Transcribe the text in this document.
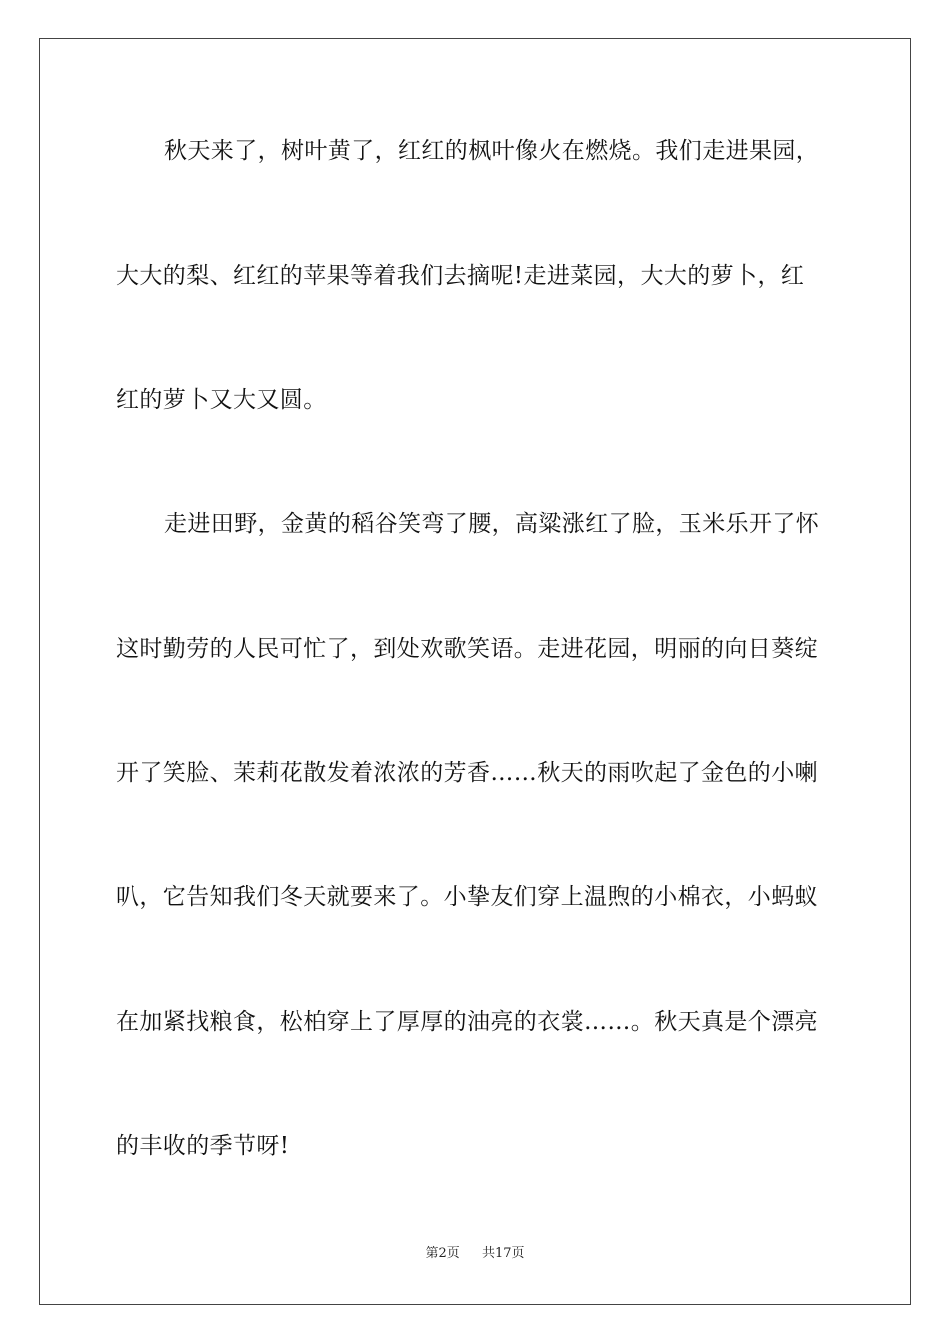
秋天来了，树叶黄了，红红的枫叶像火在燃烧。我们走进果园，
大大的梨、红红的苹果等着我们去摘呢!走进菜园，大大的萝卜，红
红的萝卜又大又圆。
走进田野，金黄的稻谷笑弯了腰，高粱涨红了脸，玉米乐开了怀
这时勤劳的人民可忙了，到处欢歌笑语。走进花园，明丽的向日葵绽
开了笑脸、茉莉花散发着浓浓的芳香……秋天的雨吹起了金色的小喇
叭，它告知我们冬天就要来了。小挚友们穿上温煦的小棉衣，小蚂蚁
在加紧找粮食，松柏穿上了厚厚的油亮的衣裳……。秋天真是个漂亮
的丰收的季节呀!
第2页 共17页
